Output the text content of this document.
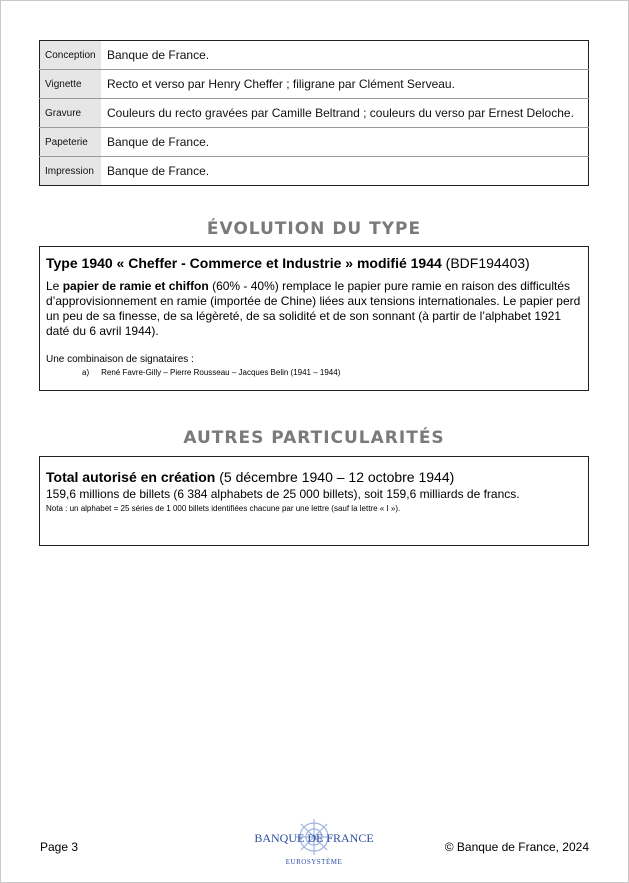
Conception	Banque de France.
Vignette	Recto et verso par Henry Cheffer ; filigrane par Clément Serveau.
Gravure	Couleurs du recto gravées par Camille Beltrand ; couleurs du verso par Ernest Deloche.
Papeterie	Banque de France.
Impression	Banque de France.
ÉVOLUTION DU TYPE
Type 1940 « Cheffer - Commerce et Industrie » modifié 1944 (BDF194403)
Le papier de ramie et chiffon (60% - 40%) remplace le papier pure ramie en raison des difficultés d’approvisionnement en ramie (importée de Chine) liées aux tensions internationales. Le papier perd un peu de sa finesse, de sa légèreté, de sa solidité et de son sonnant (à partir de l’alphabet 1921 daté du 6 avril 1944).
Une combinaison de signataires :
a) René Favre-Gilly – Pierre Rousseau – Jacques Belin (1941 – 1944)
AUTRES PARTICULARITÉS
Total autorisé en création (5 décembre 1940 – 12 octobre 1944)
159,6 millions de billets (6 384 alphabets de 25 000 billets), soit 159,6 milliards de francs.
Nota : un alphabet = 25 séries de 1 000 billets identifiées chacune par une lettre (sauf la lettre « I »).
Page 3
BANQUE DE FRANCE
EUROSYSTÈME
© Banque de France, 2024
